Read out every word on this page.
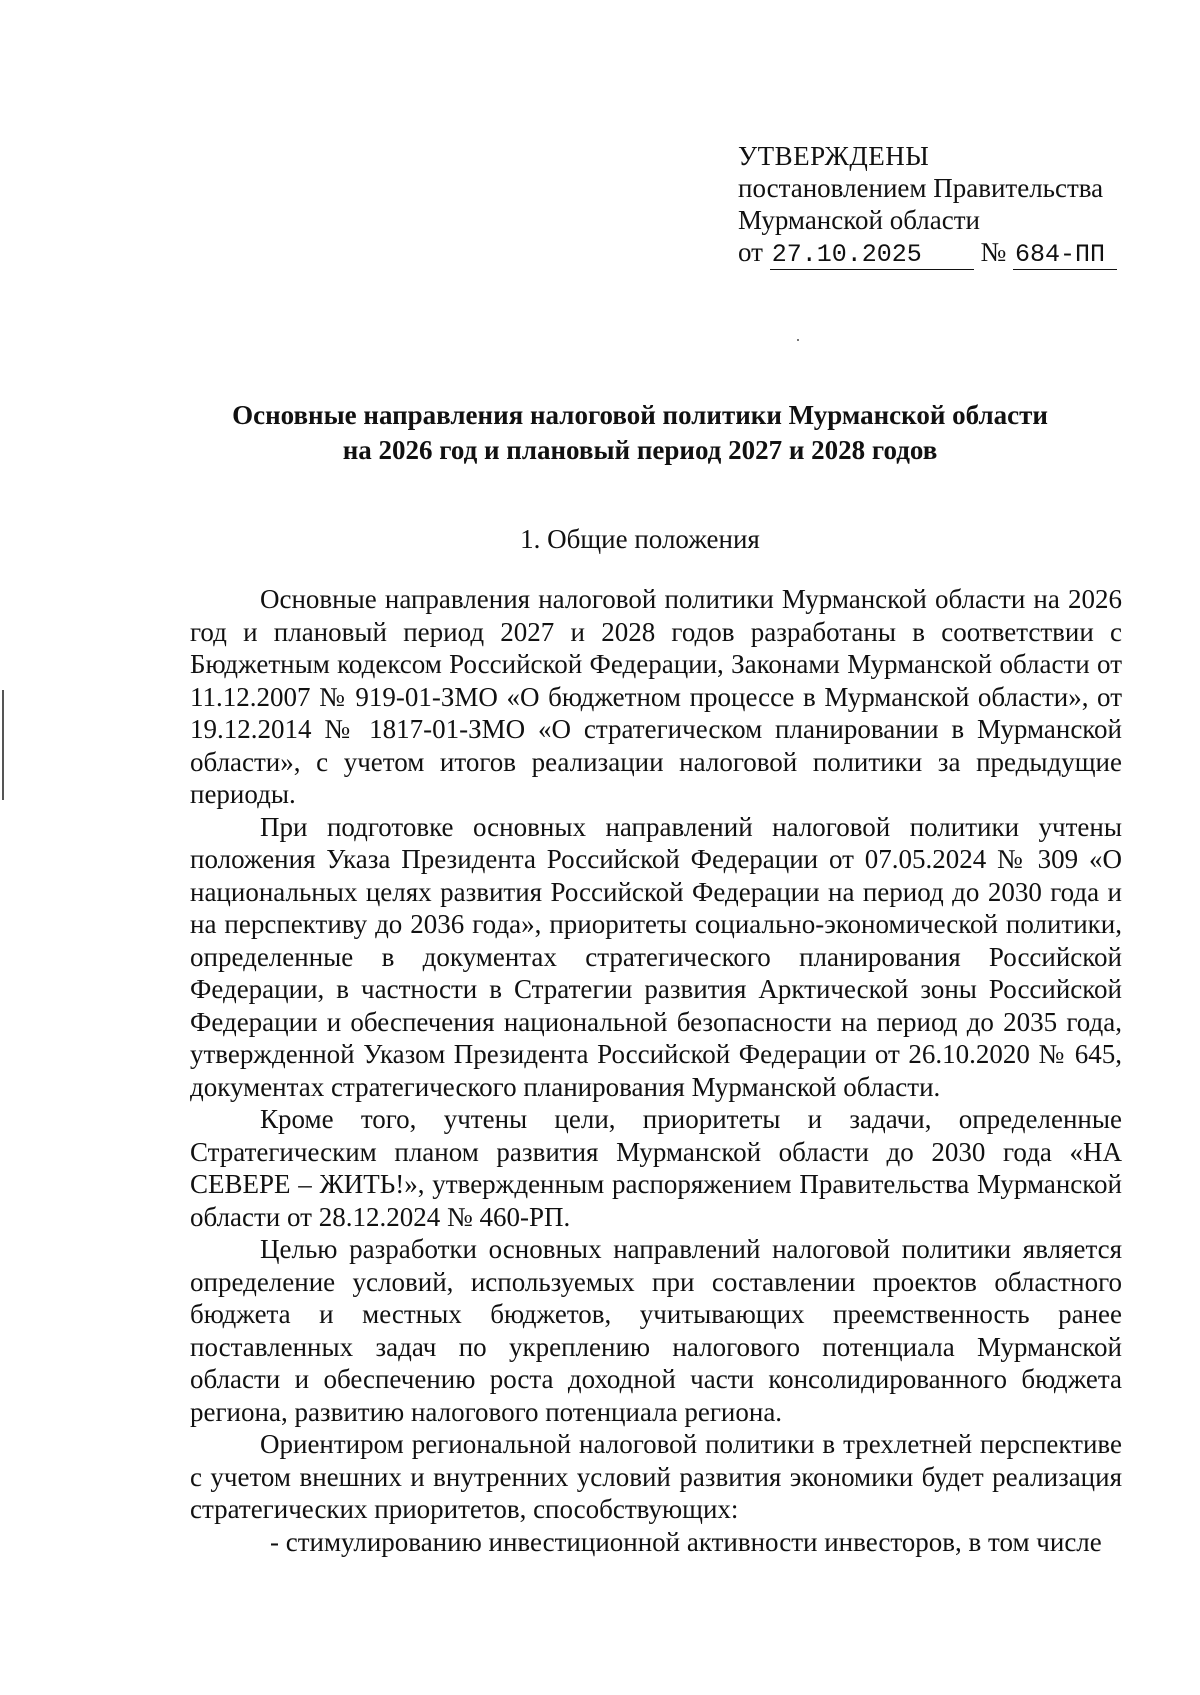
УТВЕРЖДЕНЫ
постановлением Правительства
Мурманской области
от 27.10.2025 № 684-ПП
Основные направления налоговой политики Мурманской области
на 2026 год и плановый период 2027 и 2028 годов
1. Общие положения

Основные направления налоговой политики Мурманской области на 2026 год и плановый период 2027 и 2028 годов разработаны в соответствии с Бюджетным кодексом Российской Федерации, Законами Мурманской области от 11.12.2007 № 919-01-ЗМО «О бюджетном процессе в Мурманской области», от 19.12.2014 № 1817-01-ЗМО «О стратегическом планировании в Мурманской области», с учетом итогов реализации налоговой политики за предыдущие периоды.

При подготовке основных направлений налоговой политики учтены положения Указа Президента Российской Федерации от 07.05.2024 № 309 «О национальных целях развития Российской Федерации на период до 2030 года и на перспективу до 2036 года», приоритеты социально-экономической политики, определенные в документах стратегического планирования Российской Федерации, в частности в Стратегии развития Арктической зоны Российской Федерации и обеспечения национальной безопасности на период до 2035 года, утвержденной Указом Президента Российской Федерации от 26.10.2020 № 645, документах стратегического планирования Мурманской области.

Кроме того, учтены цели, приоритеты и задачи, определенные Стратегическим планом развития Мурманской области до 2030 года «НА СЕВЕРЕ – ЖИТЬ!», утвержденным распоряжением Правительства Мурманской области от 28.12.2024 № 460-РП.

Целью разработки основных направлений налоговой политики является определение условий, используемых при составлении проектов областного бюджета и местных бюджетов, учитывающих преемственность ранее поставленных задач по укреплению налогового потенциала Мурманской области и обеспечению роста доходной части консолидированного бюджета региона, развитию налогового потенциала региона.

Ориентиром региональной налоговой политики в трехлетней перспективе с учетом внешних и внутренних условий развития экономики будет реализация стратегических приоритетов, способствующих:

- стимулированию инвестиционной активности инвесторов, в том числе
